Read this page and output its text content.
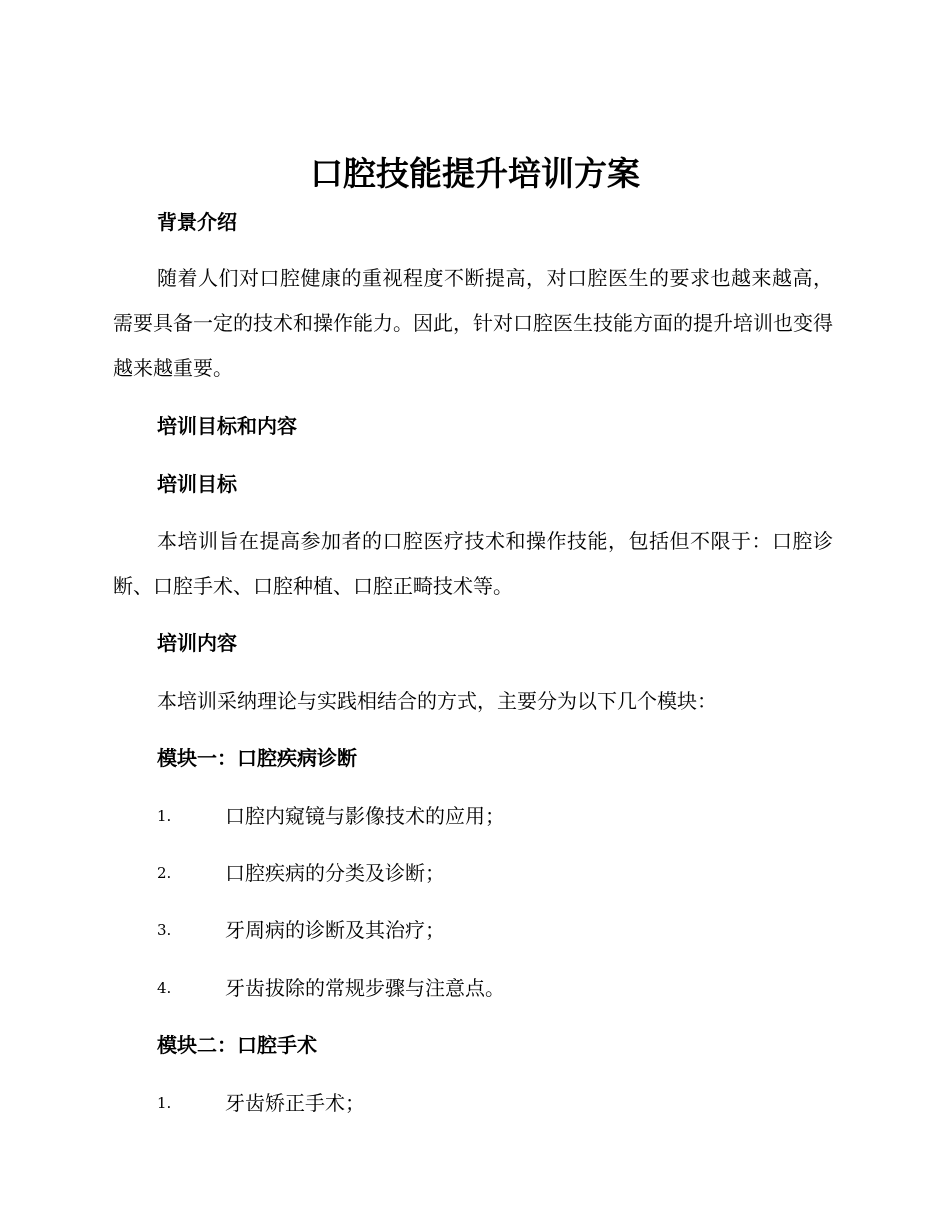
口腔技能提升培训方案
背景介绍

随着人们对口腔健康的重视程度不断提高，对口腔医生的要求也越来越高，需要具备一定的技术和操作能力。因此，针对口腔医生技能方面的提升培训也变得越来越重要。

培训目标和内容
培训目标

本培训旨在提高参加者的口腔医疗技术和操作技能，包括但不限于：口腔诊断、口腔手术、口腔种植、口腔正畸技术等。

培训内容

本培训采纳理论与实践相结合的方式，主要分为以下几个模块：

模块一：口腔疾病诊断
1.	口腔内窥镜与影像技术的应用；
2.	口腔疾病的分类及诊断；
3.	牙周病的诊断及其治疗；
4.	牙齿拔除的常规步骤与注意点。
模块二：口腔手术
1.	牙齿矫正手术；
